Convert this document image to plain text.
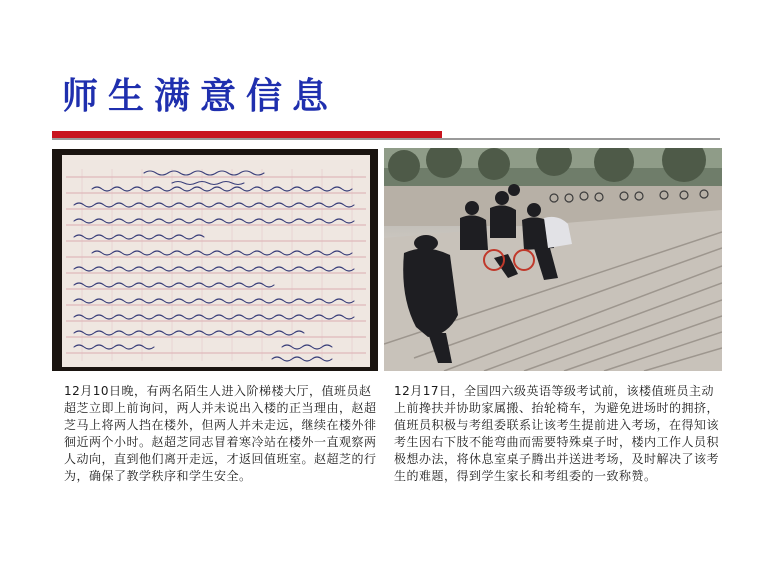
师生满意信息
12月10日晚，有两名陌生人进入阶梯楼大厅，值班员赵超芝立即上前询问，两人并未说出入楼的正当理由，赵超芝马上将两人挡在楼外，但两人并未走远，继续在楼外徘徊近两个小时。赵超芝同志冒着寒冷站在楼外一直观察两人动向，直到他们离开走远，才返回值班室。赵超芝的行为，确保了教学秩序和学生安全。
12月17日，全国四六级英语等级考试前，该楼值班员主动上前搀扶并协助家属搬、抬轮椅车，为避免进场时的拥挤，值班员积极与考组委联系让该考生提前进入考场，在得知该考生因右下肢不能弯曲而需要特殊桌子时，楼内工作人员积极想办法，将休息室桌子腾出并送进考场，及时解决了该考生的难题，得到学生家长和考组委的一致称赞。
